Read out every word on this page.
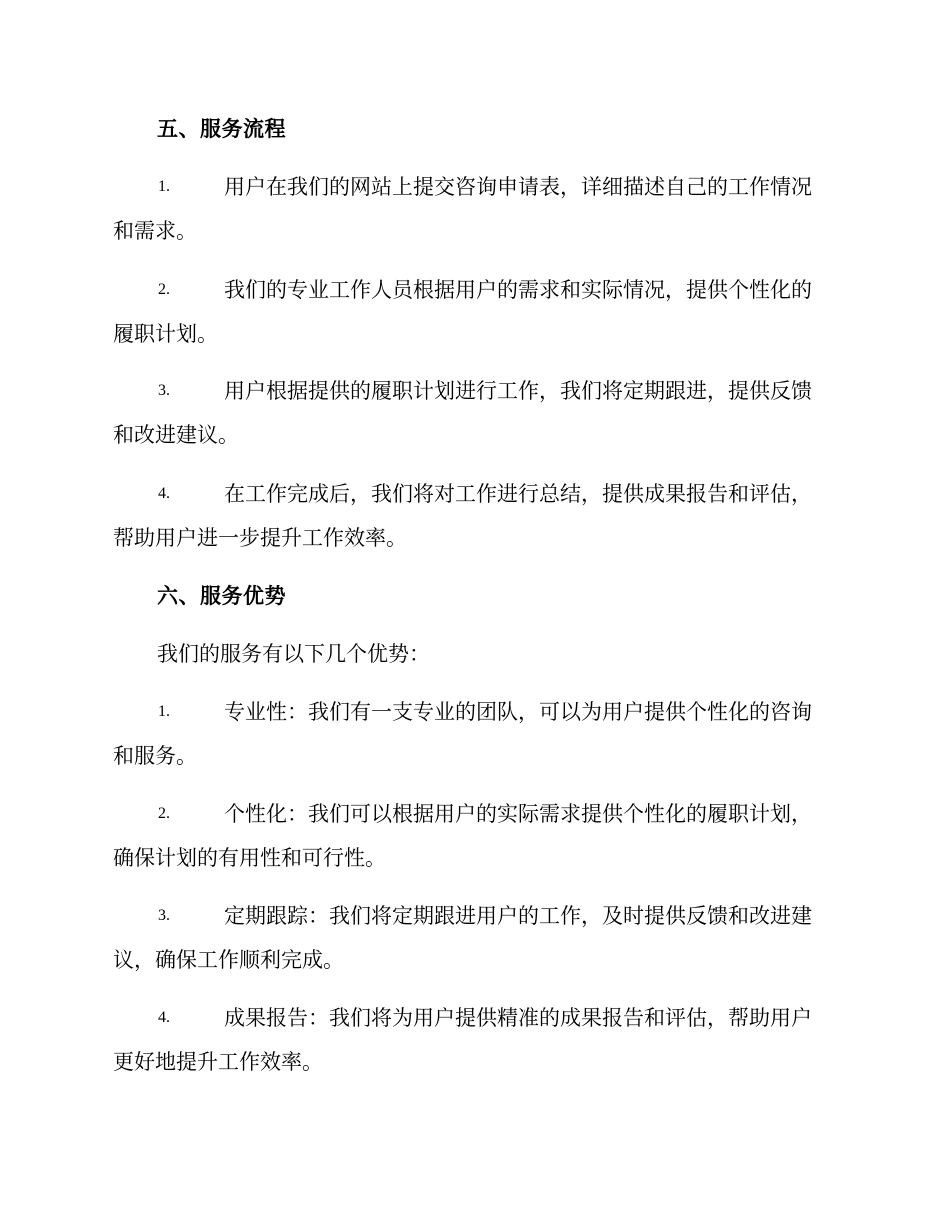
五、服务流程
1.	用户在我们的网站上提交咨询申请表，详细描述自己的工作情况
和需求。
2.	我们的专业工作人员根据用户的需求和实际情况，提供个性化的
履职计划。
3.	用户根据提供的履职计划进行工作，我们将定期跟进，提供反馈
和改进建议。
4.	在工作完成后，我们将对工作进行总结，提供成果报告和评估，
帮助用户进一步提升工作效率。
六、服务优势
我们的服务有以下几个优势：
1.	专业性：我们有一支专业的团队，可以为用户提供个性化的咨询
和服务。
2.	个性化：我们可以根据用户的实际需求提供个性化的履职计划，
确保计划的有用性和可行性。
3.	定期跟踪：我们将定期跟进用户的工作，及时提供反馈和改进建
议，确保工作顺利完成。
4.	成果报告：我们将为用户提供精准的成果报告和评估，帮助用户
更好地提升工作效率。
